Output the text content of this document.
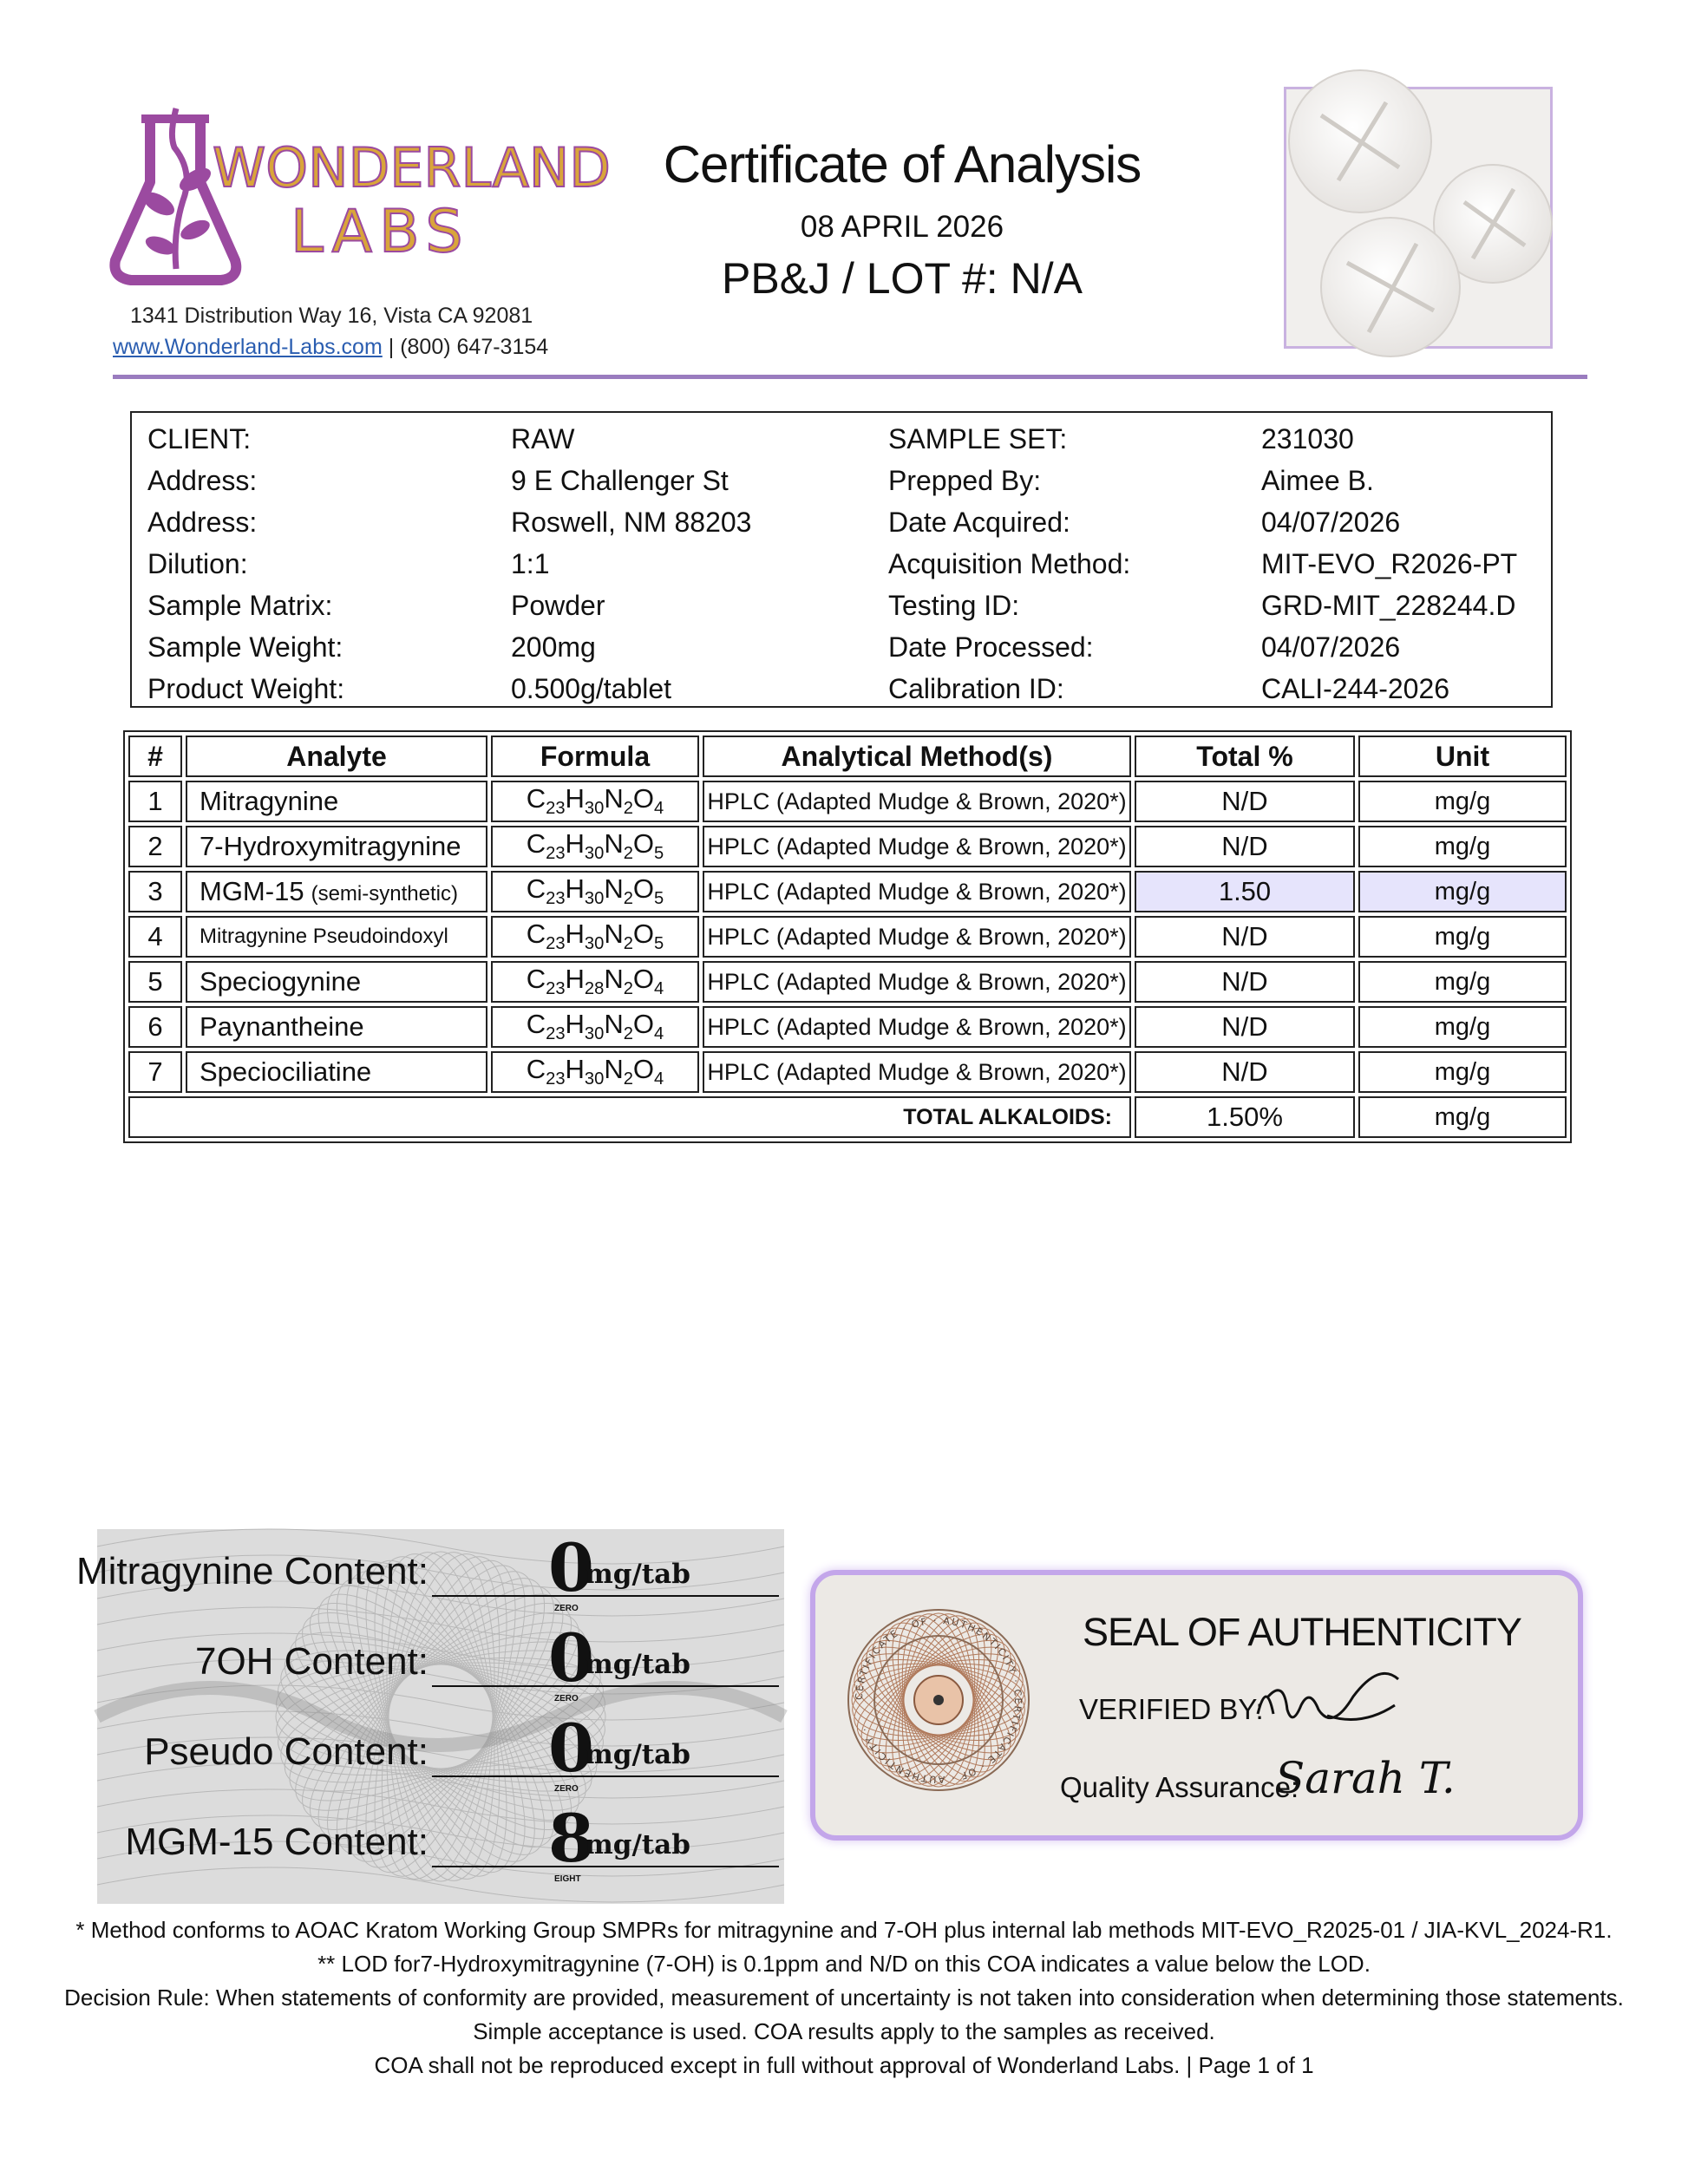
WONDERLAND
LABS
1341 Distribution Way 16, Vista CA 92081
www.Wonderland-Labs.com | (800) 647-3154
Certificate of Analysis
08 APRIL 2026
PB&J / LOT #: N/A
CLIENT:	RAW	SAMPLE SET:	231030
Address:	9 E Challenger St	Prepped By:	Aimee B.
Address:	Roswell, NM 88203	Date Acquired:	04/07/2026
Dilution:	1:1	Acquisition Method:	MIT-EVO_R2026-PT
Sample Matrix:	Powder	Testing ID:	GRD-MIT_228244.D
Sample Weight:	200mg	Date Processed:	04/07/2026
Product Weight:	0.500g/tablet	Calibration ID:	CALI-244-2026
#	Analyte	Formula	Analytical Method(s)	Total %	Unit
1	Mitragynine	$C_{23}H_{30}N_2O_4$	HPLC (Adapted Mudge & Brown, 2020*)	N/D	mg/g
2	7-Hydroxymitragynine	$C_{23}H_{30}N_2O_5$	HPLC (Adapted Mudge & Brown, 2020*)	N/D	mg/g
3	MGM-15 (semi-synthetic)	$C_{23}H_{30}N_2O_5$	HPLC (Adapted Mudge & Brown, 2020*)	1.50	mg/g
4	Mitragynine Pseudoindoxyl	$C_{23}H_{30}N_2O_5$	HPLC (Adapted Mudge & Brown, 2020*)	N/D	mg/g
5	Speciogynine	$C_{23}H_{28}N_2O_4$	HPLC (Adapted Mudge & Brown, 2020*)	N/D	mg/g
6	Paynantheine	$C_{23}H_{30}N_2O_4$	HPLC (Adapted Mudge & Brown, 2020*)	N/D	mg/g
7	Speciociliatine	$C_{23}H_{30}N_2O_4$	HPLC (Adapted Mudge & Brown, 2020*)	N/D	mg/g
TOTAL ALKALOIDS:				1.50%	mg/g
Mitragynine Content: 0
mg/tab
ZERO
7OH Content: 0
mg/tab
ZERO
Pseudo Content: 0
mg/tab
ZERO
MGM-15 Content: 8
mg/tab
EIGHT
CERTIFICATE · OF · AUTHENTICITY · CERTIFICATE · OF · AUTHENTICITY ·
SEAL OF AUTHENTICITY
VERIFIED BY:
Quality Assurance:
Sarah T.
* Method conforms to AOAC Kratom Working Group SMPRs for mitragynine and 7-OH plus internal lab methods MIT-EVO_R2025-01 / JIA-KVL_2024-R1.
** LOD for7-Hydroxymitragynine (7-OH) is 0.1ppm and N/D on this COA indicates a value below the LOD.
Decision Rule: When statements of conformity are provided, measurement of uncertainty is not taken into consideration when determining those statements.
Simple acceptance is used. COA results apply to the samples as received.
COA shall not be reproduced except in full without approval of Wonderland Labs. | Page 1 of 1
